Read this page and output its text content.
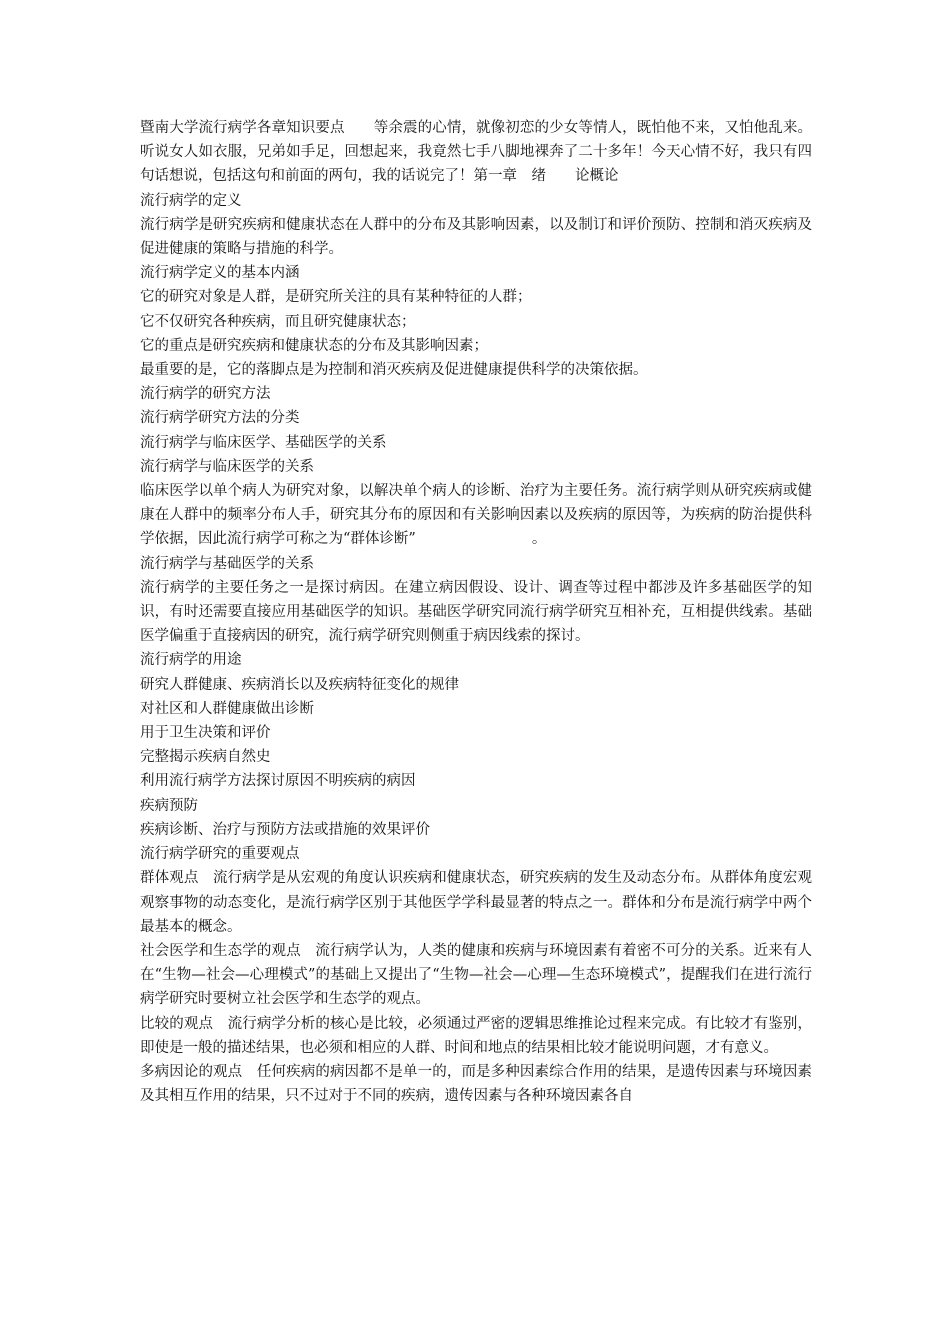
暨南大学流行病学各章知识要点　　等余震的心情，就像初恋的少女等情人，既怕他不来，又怕他乱来。听说女人如衣服，兄弟如手足，回想起来，我竟然七手八脚地裸奔了二十多年！今天心情不好，我只有四句话想说，包括这句和前面的两句，我的话说完了！第一章　绪　　论概论

流行病学的定义

流行病学是研究疾病和健康状态在人群中的分布及其影响因素，以及制订和评价预防、控制和消灭疾病及促进健康的策略与措施的科学。

流行病学定义的基本内涵

它的研究对象是人群，是研究所关注的具有某种特征的人群；

它不仅研究各种疾病，而且研究健康状态；

它的重点是研究疾病和健康状态的分布及其影响因素；

最重要的是，它的落脚点是为控制和消灭疾病及促进健康提供科学的决策依据。

流行病学的研究方法

流行病学研究方法的分类

流行病学与临床医学、基础医学的关系

流行病学与临床医学的关系

临床医学以单个病人为研究对象，以解决单个病人的诊断、治疗为主要任务。流行病学则从研究疾病或健康在人群中的频率分布人手，研究其分布的原因和有关影响因素以及疾病的原因等，为疾病的防治提供科学依据，因此流行病学可称之为“群体诊断”　　　　　　　　。

流行病学与基础医学的关系

流行病学的主要任务之一是探讨病因。在建立病因假设、设计、调查等过程中都涉及许多基础医学的知识，有时还需要直接应用基础医学的知识。基础医学研究同流行病学研究互相补充，互相提供线索。基础医学偏重于直接病因的研究，流行病学研究则侧重于病因线索的探讨。

流行病学的用途

研究人群健康、疾病消长以及疾病特征变化的规律

对社区和人群健康做出诊断

用于卫生决策和评价

完整揭示疾病自然史

利用流行病学方法探讨原因不明疾病的病因

疾病预防

疾病诊断、治疗与预防方法或措施的效果评价

流行病学研究的重要观点

群体观点　流行病学是从宏观的角度认识疾病和健康状态，研究疾病的发生及动态分布。从群体角度宏观观察事物的动态变化，是流行病学区别于其他医学学科最显著的特点之一。群体和分布是流行病学中两个最基本的概念。

社会医学和生态学的观点　流行病学认为，人类的健康和疾病与环境因素有着密不可分的关系。近来有人在“生物—社会—心理模式”的基础上又提出了“生物—社会—心理—生态环境模式”，提醒我们在进行流行病学研究时要树立社会医学和生态学的观点。

比较的观点　流行病学分析的核心是比较，必须通过严密的逻辑思维推论过程来完成。有比较才有鉴别，即使是一般的描述结果，也必须和相应的人群、时间和地点的结果相比较才能说明问题，才有意义。

多病因论的观点　任何疾病的病因都不是单一的，而是多种因素综合作用的结果，是遗传因素与环境因素及其相互作用的结果，只不过对于不同的疾病，遗传因素与各种环境因素各自
